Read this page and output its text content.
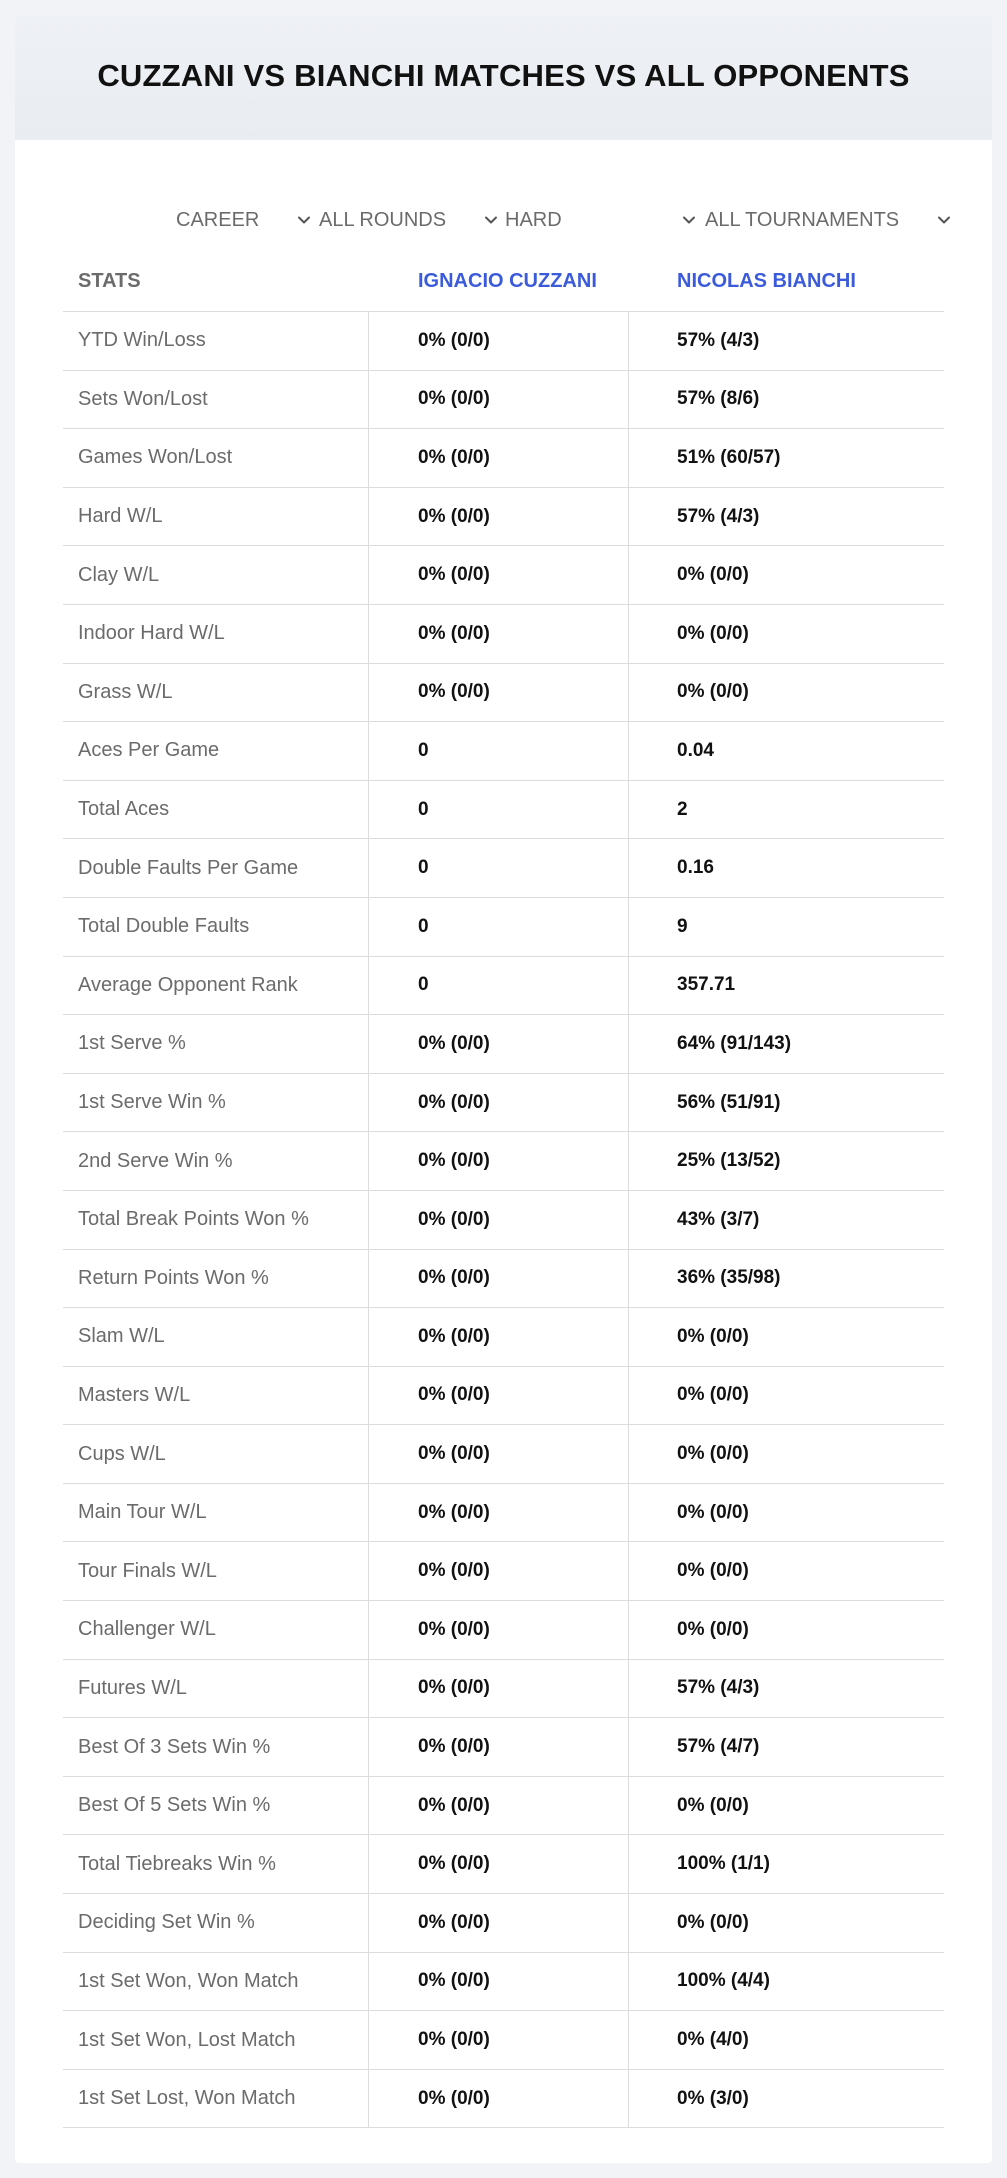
CUZZANI VS BIANCHI MATCHES VS ALL OPPONENTS
CAREER	ALL ROUNDS	HARD	ALL TOURNAMENTS
STATS	IGNACIO CUZZANI	NICOLAS BIANCHI
YTD Win/Loss	0% (0/0)	57% (4/3)
Sets Won/Lost	0% (0/0)	57% (8/6)
Games Won/Lost	0% (0/0)	51% (60/57)
Hard W/L	0% (0/0)	57% (4/3)
Clay W/L	0% (0/0)	0% (0/0)
Indoor Hard W/L	0% (0/0)	0% (0/0)
Grass W/L	0% (0/0)	0% (0/0)
Aces Per Game	0	0.04
Total Aces	0	2
Double Faults Per Game	0	0.16
Total Double Faults	0	9
Average Opponent Rank	0	357.71
1st Serve %	0% (0/0)	64% (91/143)
1st Serve Win %	0% (0/0)	56% (51/91)
2nd Serve Win %	0% (0/0)	25% (13/52)
Total Break Points Won %	0% (0/0)	43% (3/7)
Return Points Won %	0% (0/0)	36% (35/98)
Slam W/L	0% (0/0)	0% (0/0)
Masters W/L	0% (0/0)	0% (0/0)
Cups W/L	0% (0/0)	0% (0/0)
Main Tour W/L	0% (0/0)	0% (0/0)
Tour Finals W/L	0% (0/0)	0% (0/0)
Challenger W/L	0% (0/0)	0% (0/0)
Futures W/L	0% (0/0)	57% (4/3)
Best Of 3 Sets Win %	0% (0/0)	57% (4/7)
Best Of 5 Sets Win %	0% (0/0)	0% (0/0)
Total Tiebreaks Win %	0% (0/0)	100% (1/1)
Deciding Set Win %	0% (0/0)	0% (0/0)
1st Set Won, Won Match	0% (0/0)	100% (4/4)
1st Set Won, Lost Match	0% (0/0)	0% (4/0)
1st Set Lost, Won Match	0% (0/0)	0% (3/0)
